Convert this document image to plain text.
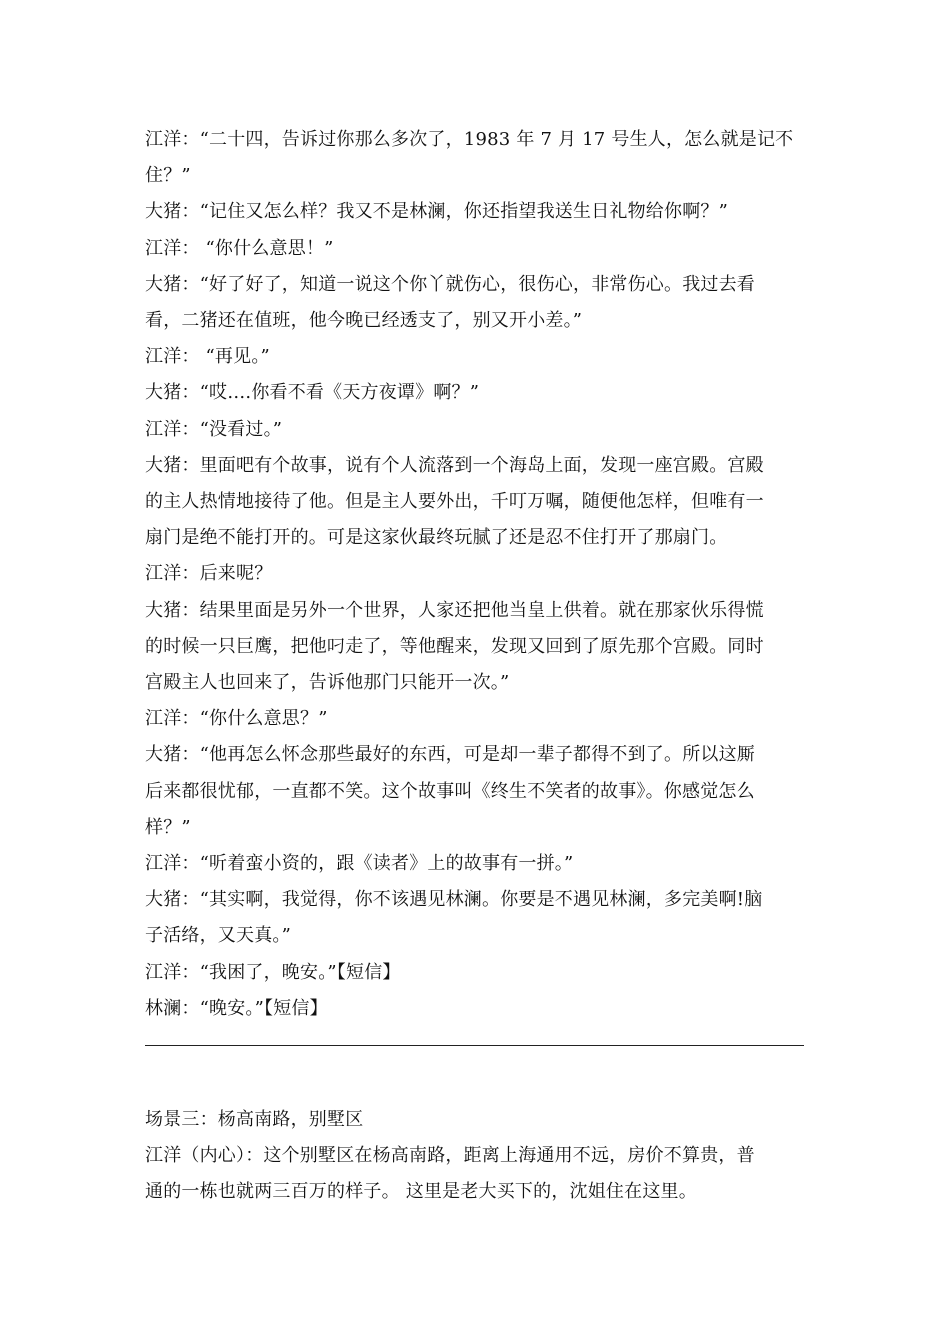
江洋：“二十四，告诉过你那么多次了，1983 年 7 月 17 号生人，怎么就是记不
住？”
大猪：“记住又怎么样？我又不是林澜，你还指望我送生日礼物给你啊？”
江洋： “你什么意思！”
大猪：“好了好了，知道一说这个你丫就伤心，很伤心，非常伤心。我过去看
看，二猪还在值班，他今晚已经透支了，别又开小差。”
江洋： “再见。”
大猪：“哎….你看不看《天方夜谭》啊？”
江洋：“没看过。”
大猪：里面吧有个故事，说有个人流落到一个海岛上面，发现一座宫殿。宫殿
的主人热情地接待了他。但是主人要外出，千叮万嘱，随便他怎样，但唯有一
扇门是绝不能打开的。可是这家伙最终玩腻了还是忍不住打开了那扇门。
江洋：后来呢？
大猪：结果里面是另外一个世界，人家还把他当皇上供着。就在那家伙乐得慌
的时候一只巨鹰，把他叼走了，等他醒来，发现又回到了原先那个宫殿。同时
宫殿主人也回来了，告诉他那门只能开一次。”
江洋：“你什么意思？”
大猪：“他再怎么怀念那些最好的东西，可是却一辈子都得不到了。所以这厮
后来都很忧郁，一直都不笑。这个故事叫《终生不笑者的故事》。你感觉怎么
样？”
江洋：“听着蛮小资的，跟《读者》上的故事有一拼。”
大猪：“其实啊，我觉得，你不该遇见林澜。你要是不遇见林澜，多完美啊!脑
子活络，又天真。”
江洋：“我困了，晚安。”【短信】
林澜：“晚安。”【短信】
场景三：杨高南路，别墅区
江洋（内心）：这个别墅区在杨高南路，距离上海通用不远，房价不算贵，普
通的一栋也就两三百万的样子。 这里是老大买下的，沈姐住在这里。
